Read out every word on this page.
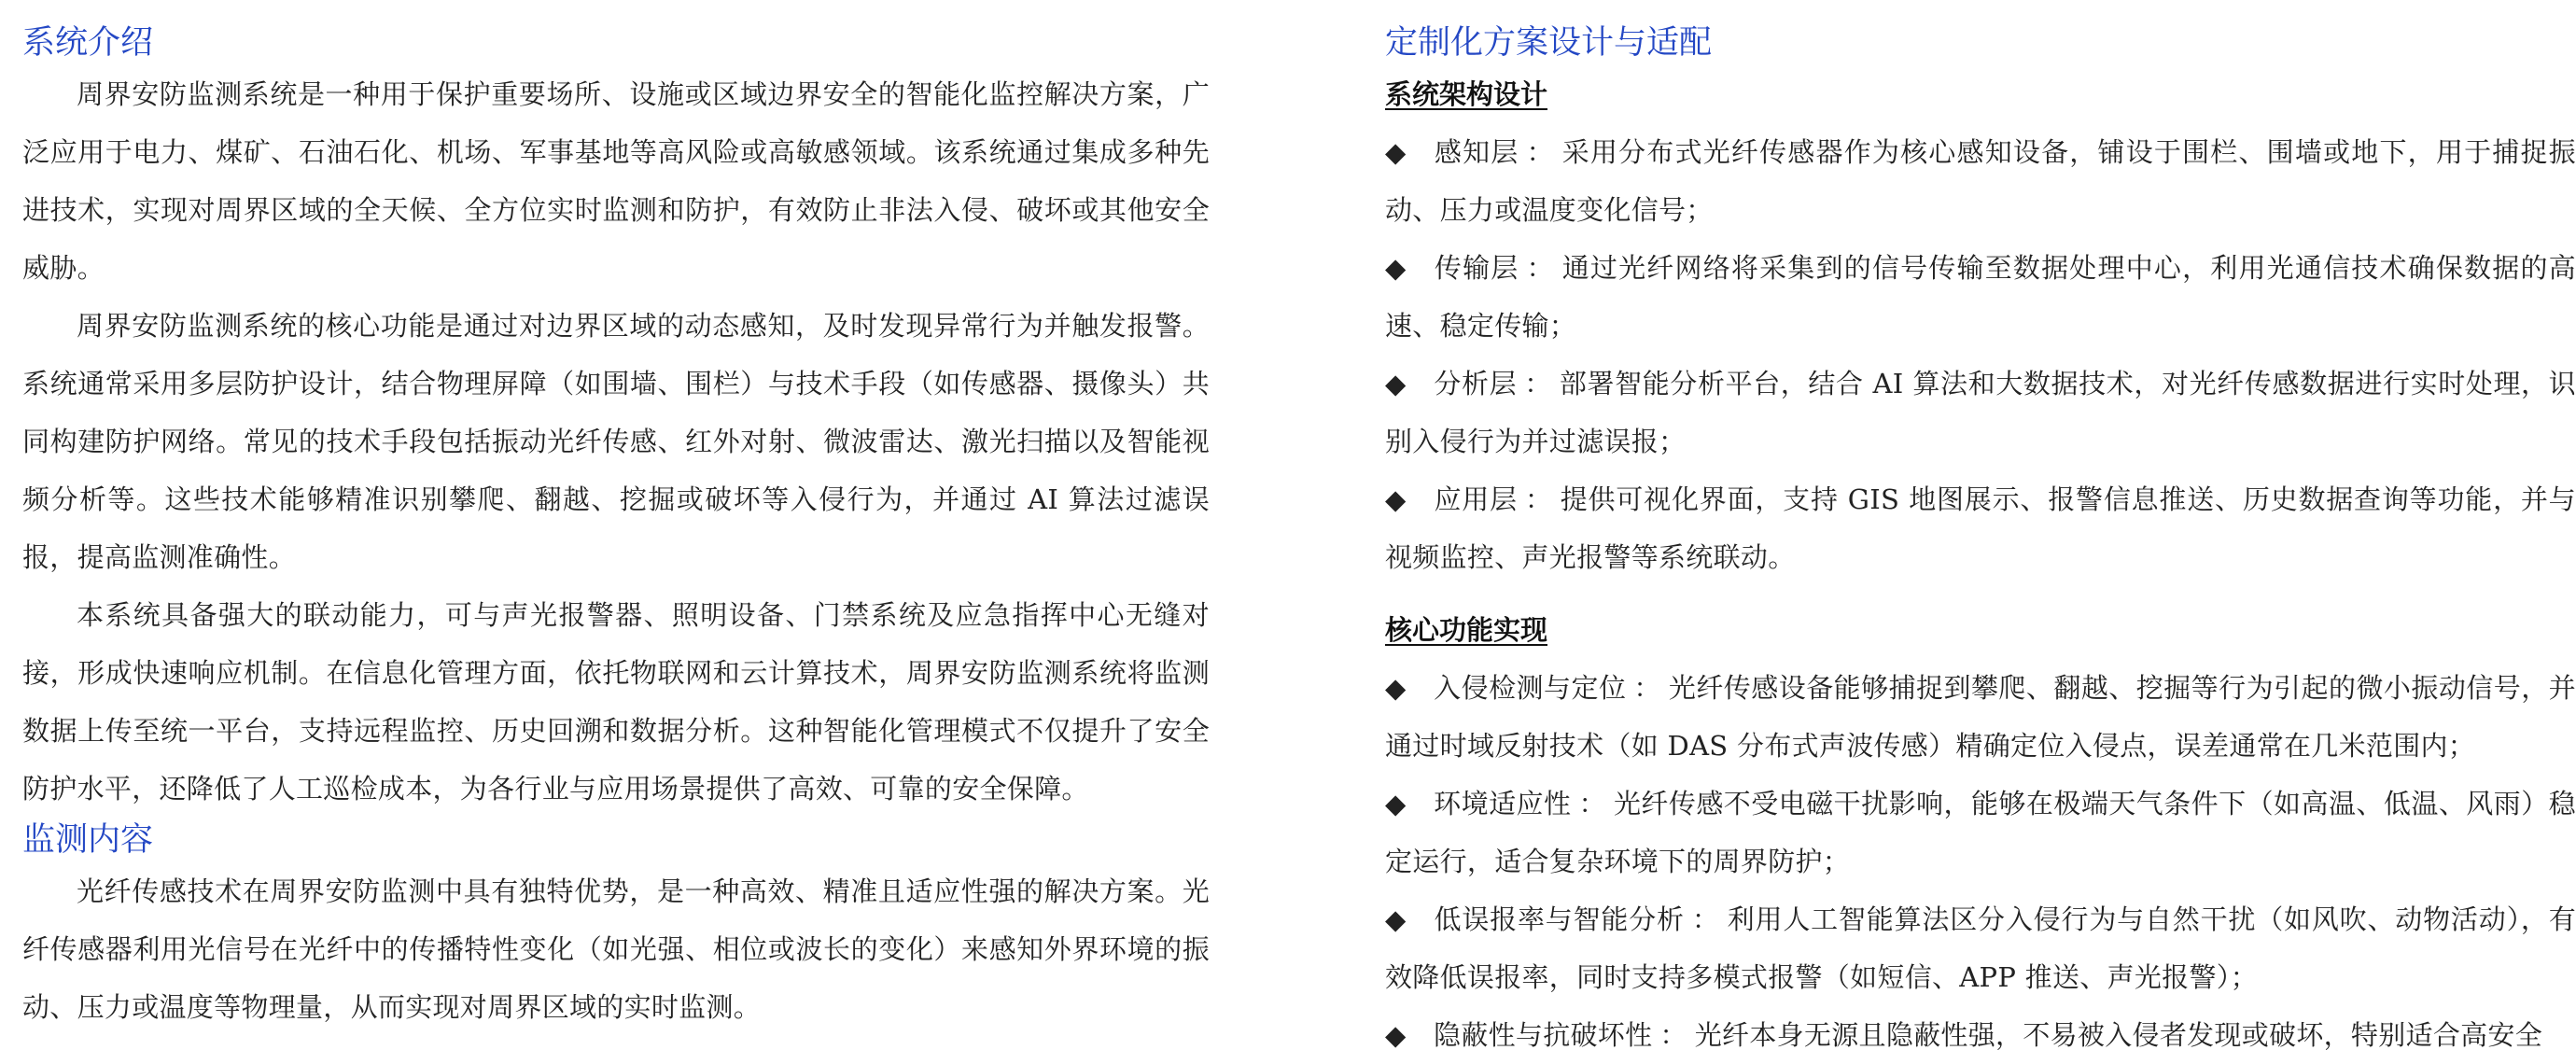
系统介绍

周界安防监测系统是一种用于保护重要场所、设施或区域边界安全的智能化监控解决方案，广泛应用于电力、煤矿、石油石化、机场、军事基地等高风险或高敏感领域。该系统通过集成多种先进技术，实现对周界区域的全天候、全方位实时监测和防护，有效防止非法入侵、破坏或其他安全威胁。

周界安防监测系统的核心功能是通过对边界区域的动态感知，及时发现异常行为并触发报警。系统通常采用多层防护设计，结合物理屏障（如围墙、围栏）与技术手段（如传感器、摄像头）共同构建防护网络。常见的技术手段包括振动光纤传感、红外对射、微波雷达、激光扫描以及智能视频分析等。这些技术能够精准识别攀爬、翻越、挖掘或破坏等入侵行为，并通过 AI 算法过滤误报，提高监测准确性。

本系统具备强大的联动能力，可与声光报警器、照明设备、门禁系统及应急指挥中心无缝对接，形成快速响应机制。在信息化管理方面，依托物联网和云计算技术，周界安防监测系统将监测数据上传至统一平台，支持远程监控、历史回溯和数据分析。这种智能化管理模式不仅提升了安全防护水平，还降低了人工巡检成本，为各行业与应用场景提供了高效、可靠的安全保障。

监测内容

光纤传感技术在周界安防监测中具有独特优势，是一种高效、精准且适应性强的解决方案。光纤传感器利用光信号在光纤中的传播特性变化（如光强、相位或波长的变化）来感知外界环境的振动、压力或温度等物理量，从而实现对周界区域的实时监测。

定制化方案设计与适配

系统架构设计

◆ 感知层 ： 采用分布式光纤传感器作为核心感知设备，铺设于围栏、围墙或地下，用于捕捉振动、压力或温度变化信号；
◆ 传输层 ： 通过光纤网络将采集到的信号传输至数据处理中心，利用光通信技术确保数据的高速、稳定传输；
◆ 分析层 ： 部署智能分析平台，结合 AI 算法和大数据技术，对光纤传感数据进行实时处理，识别入侵行为并过滤误报；
◆ 应用层 ： 提供可视化界面，支持 GIS 地图展示、报警信息推送、历史数据查询等功能，并与视频监控、声光报警等系统联动。

核心功能实现

◆ 入侵检测与定位 ： 光纤传感设备能够捕捉到攀爬、翻越、挖掘等行为引起的微小振动信号，并通过时域反射技术（如 DAS 分布式声波传感）精确定位入侵点，误差通常在几米范围内；
◆ 环境适应性 ： 光纤传感不受电磁干扰影响，能够在极端天气条件下（如高温、低温、风雨）稳定运行，适合复杂环境下的周界防护；
◆ 低误报率与智能分析 ： 利用人工智能算法区分入侵行为与自然干扰（如风吹、动物活动），有效降低误报率，同时支持多模式报警（如短信、APP 推送、声光报警）；
◆ 隐蔽性与抗破坏性 ： 光纤本身无源且隐蔽性强，不易被入侵者发现或破坏，特别适合高安全
